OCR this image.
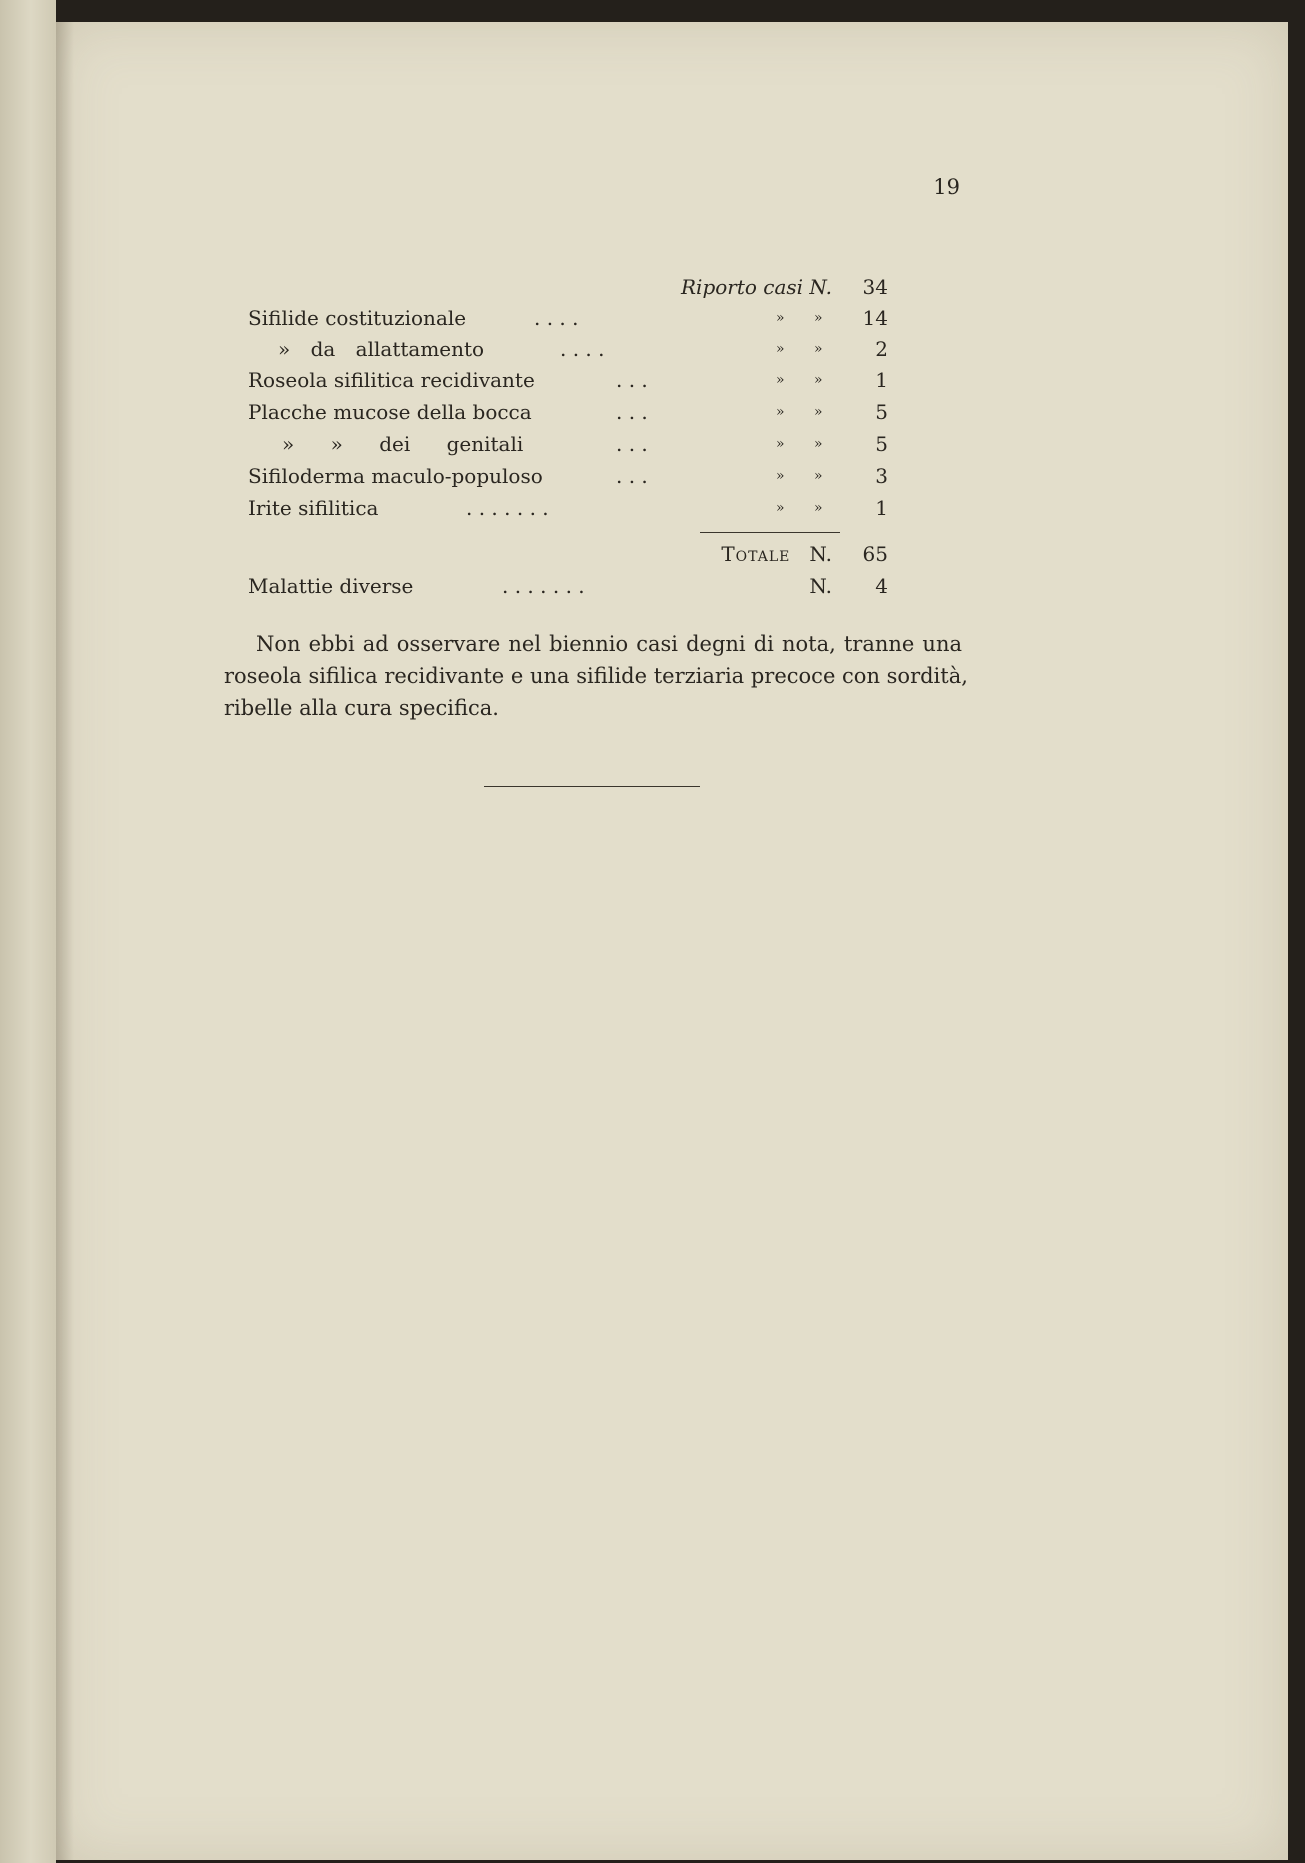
19
Riporto casi N.	34
Sifilide costituzionale	. . . .	» »	14
» da allattamento	. . . .	» »	2
Roseola sifilitica recidivante	. . .	» »	1
Placche mucose della bocca	. . .	» »	5
» » dei genitali	. . .	» »	5
Sifiloderma maculo-populoso	. . .	» »	3
Irite sifilitica	. . . . . . .	» »	1
Totale N.	65
Malattie diverse	. . . . . . .	N.	4
Non ebbi ad osservare nel biennio casi degni di nota, tranne una
roseola sifilica recidivante e una sifilide terziaria precoce con sordità,
ribelle alla cura specifica.
